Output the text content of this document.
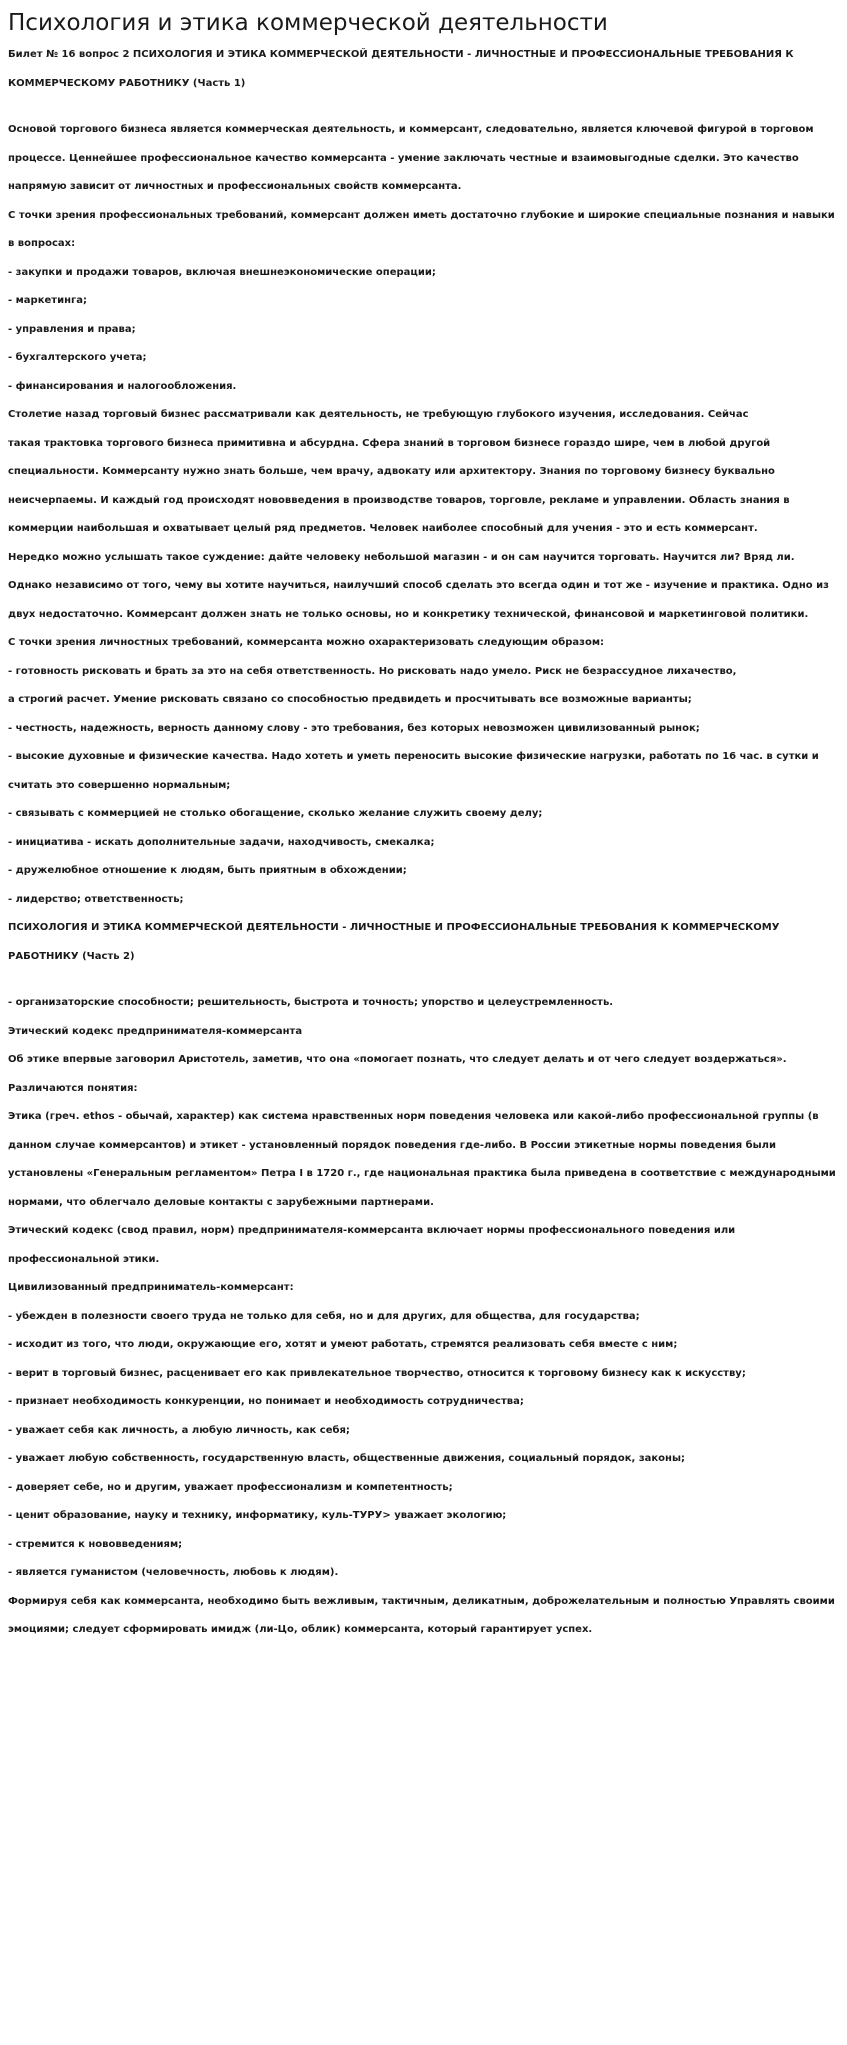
Психология и этика коммерческой деятельности

Билет № 16 вопрос 2 ПСИХОЛОГИЯ И ЭТИКА КОММЕРЧЕСКОЙ ДЕЯТЕЛЬНОСТИ - ЛИЧНОСТНЫЕ И ПРОФЕССИОНАЛЬНЫЕ ТРЕБОВАНИЯ К
КОММЕРЧЕСКОМУ РАБОТНИКУ (Часть 1)

Основой торгового бизнеса является коммерческая деятельность, и коммерсант, следовательно, является ключевой фигурой в торговом
процессе. Ценнейшее профессиональное качество коммерсанта - умение заключать честные и взаимовыгодные сделки. Это качество
напрямую зависит от личностных и профессиональных свойств коммерсанта.

С точки зрения профессиональных требований, коммерсант должен иметь достаточно глубокие и широкие специальные познания и навыки
в вопросах:

- закупки и продажи товаров, включая внешнеэкономические операции;

- маркетинга;

- управления и права;

- бухгалтерского учета;

- финансирования и налогообложения.

Столетие назад торговый бизнес рассматривали как деятельность, не требующую глубокого изучения, исследования. Сейчас
такая трактовка торгового бизнеса примитивна и абсурдна. Сфера знаний в торговом бизнесе гораздо шире, чем в любой другой
специальности. Коммерсанту нужно знать больше, чем врачу, адвокату или архитектору. Знания по торговому бизнесу буквально
неисчерпаемы. И каждый год происходят нововведения в производстве товаров, торговле, рекламе и управлении. Область знания в
коммерции наибольшая и охватывает целый ряд предметов. Человек наиболее способный для учения - это и есть коммерсант.

Нередко можно услышать такое суждение: дайте человеку небольшой магазин - и он сам научится торговать. Научится ли? Вряд ли.
Однако независимо от того, чему вы хотите научиться, наилучший способ сделать это всегда один и тот же - изучение и практика. Одно из
двух недостаточно. Коммерсант должен знать не только основы, но и конкретику технической, финансовой и маркетинговой политики.

С точки зрения личностных требований, коммерсанта можно охарактеризовать следующим образом:

- готовность рисковать и брать за это на себя ответственность. Но рисковать надо умело. Риск не безрассудное лихачество,
а строгий расчет. Умение рисковать связано со способностью предвидеть и просчитывать все возможные варианты;

- честность, надежность, верность данному слову - это требования, без которых невозможен цивилизованный рынок;

- высокие духовные и физические качества. Надо хотеть и уметь переносить высокие физические нагрузки, работать по 16 час. в сутки и
считать это совершенно нормальным;

- связывать с коммерцией не столько обогащение, сколько желание служить своему делу;

- инициатива - искать дополнительные задачи, находчивость, смекалка;

- дружелюбное отношение к людям, быть приятным в обхождении;

- лидерство; ответственность;

ПСИХОЛОГИЯ И ЭТИКА КОММЕРЧЕСКОЙ ДЕЯТЕЛЬНОСТИ - ЛИЧНОСТНЫЕ И ПРОФЕССИОНАЛЬНЫЕ ТРЕБОВАНИЯ К КОММЕРЧЕСКОМУ
РАБОТНИКУ (Часть 2)

- организаторские способности; решительность, быстрота и точность; упорство и целеустремленность.

Этический кодекс предпринимателя-коммерсанта

Об этике впервые заговорил Аристотель, заметив, что она «помогает познать, что следует делать и от чего следует воздержаться».
Различаются понятия:

Этика (греч. ethos - обычай, характер) как система нравственных норм поведения человека или какой-либо профессиональной группы (в
данном случае коммерсантов) и этикет - установленный порядок поведения где-либо. В России этикетные нормы поведения были
установлены «Генеральным регламентом» Петра I в 1720 г., где национальная практика была приведена в соответствие с международными
нормами, что облегчало деловые контакты с зарубежными партнерами.

Этический кодекс (свод правил, норм) предпринимателя-коммерсанта включает нормы профессионального поведения или
профессиональной этики.

Цивилизованный предприниматель-коммерсант:

- убежден в полезности своего труда не только для себя, но и для других, для общества, для государства;

- исходит из того, что люди, окружающие его, хотят и умеют работать, стремятся реализовать себя вместе с ним;

- верит в торговый бизнес, расценивает его как привлекательное творчество, относится к торговому бизнесу как к искусству;

- признает необходимость конкуренции, но понимает и необходимость сотрудничества;

- уважает себя как личность, а любую личность, как себя;

- уважает любую собственность, государственную власть, общественные движения, социальный порядок, законы;

- доверяет себе, но и другим, уважает профессионализм и компетентность;

- ценит образование, науку и технику, информатику, куль-ТУРУ> уважает экологию;

- стремится к нововведениям;

- является гуманистом (человечность, любовь к людям).

Формируя себя как коммерсанта, необходимо быть вежливым, тактичным, деликатным, доброжелательным и полностью Управлять своими
эмоциями; следует сформировать имидж (ли-Цо, облик) коммерсанта, который гарантирует успех.
